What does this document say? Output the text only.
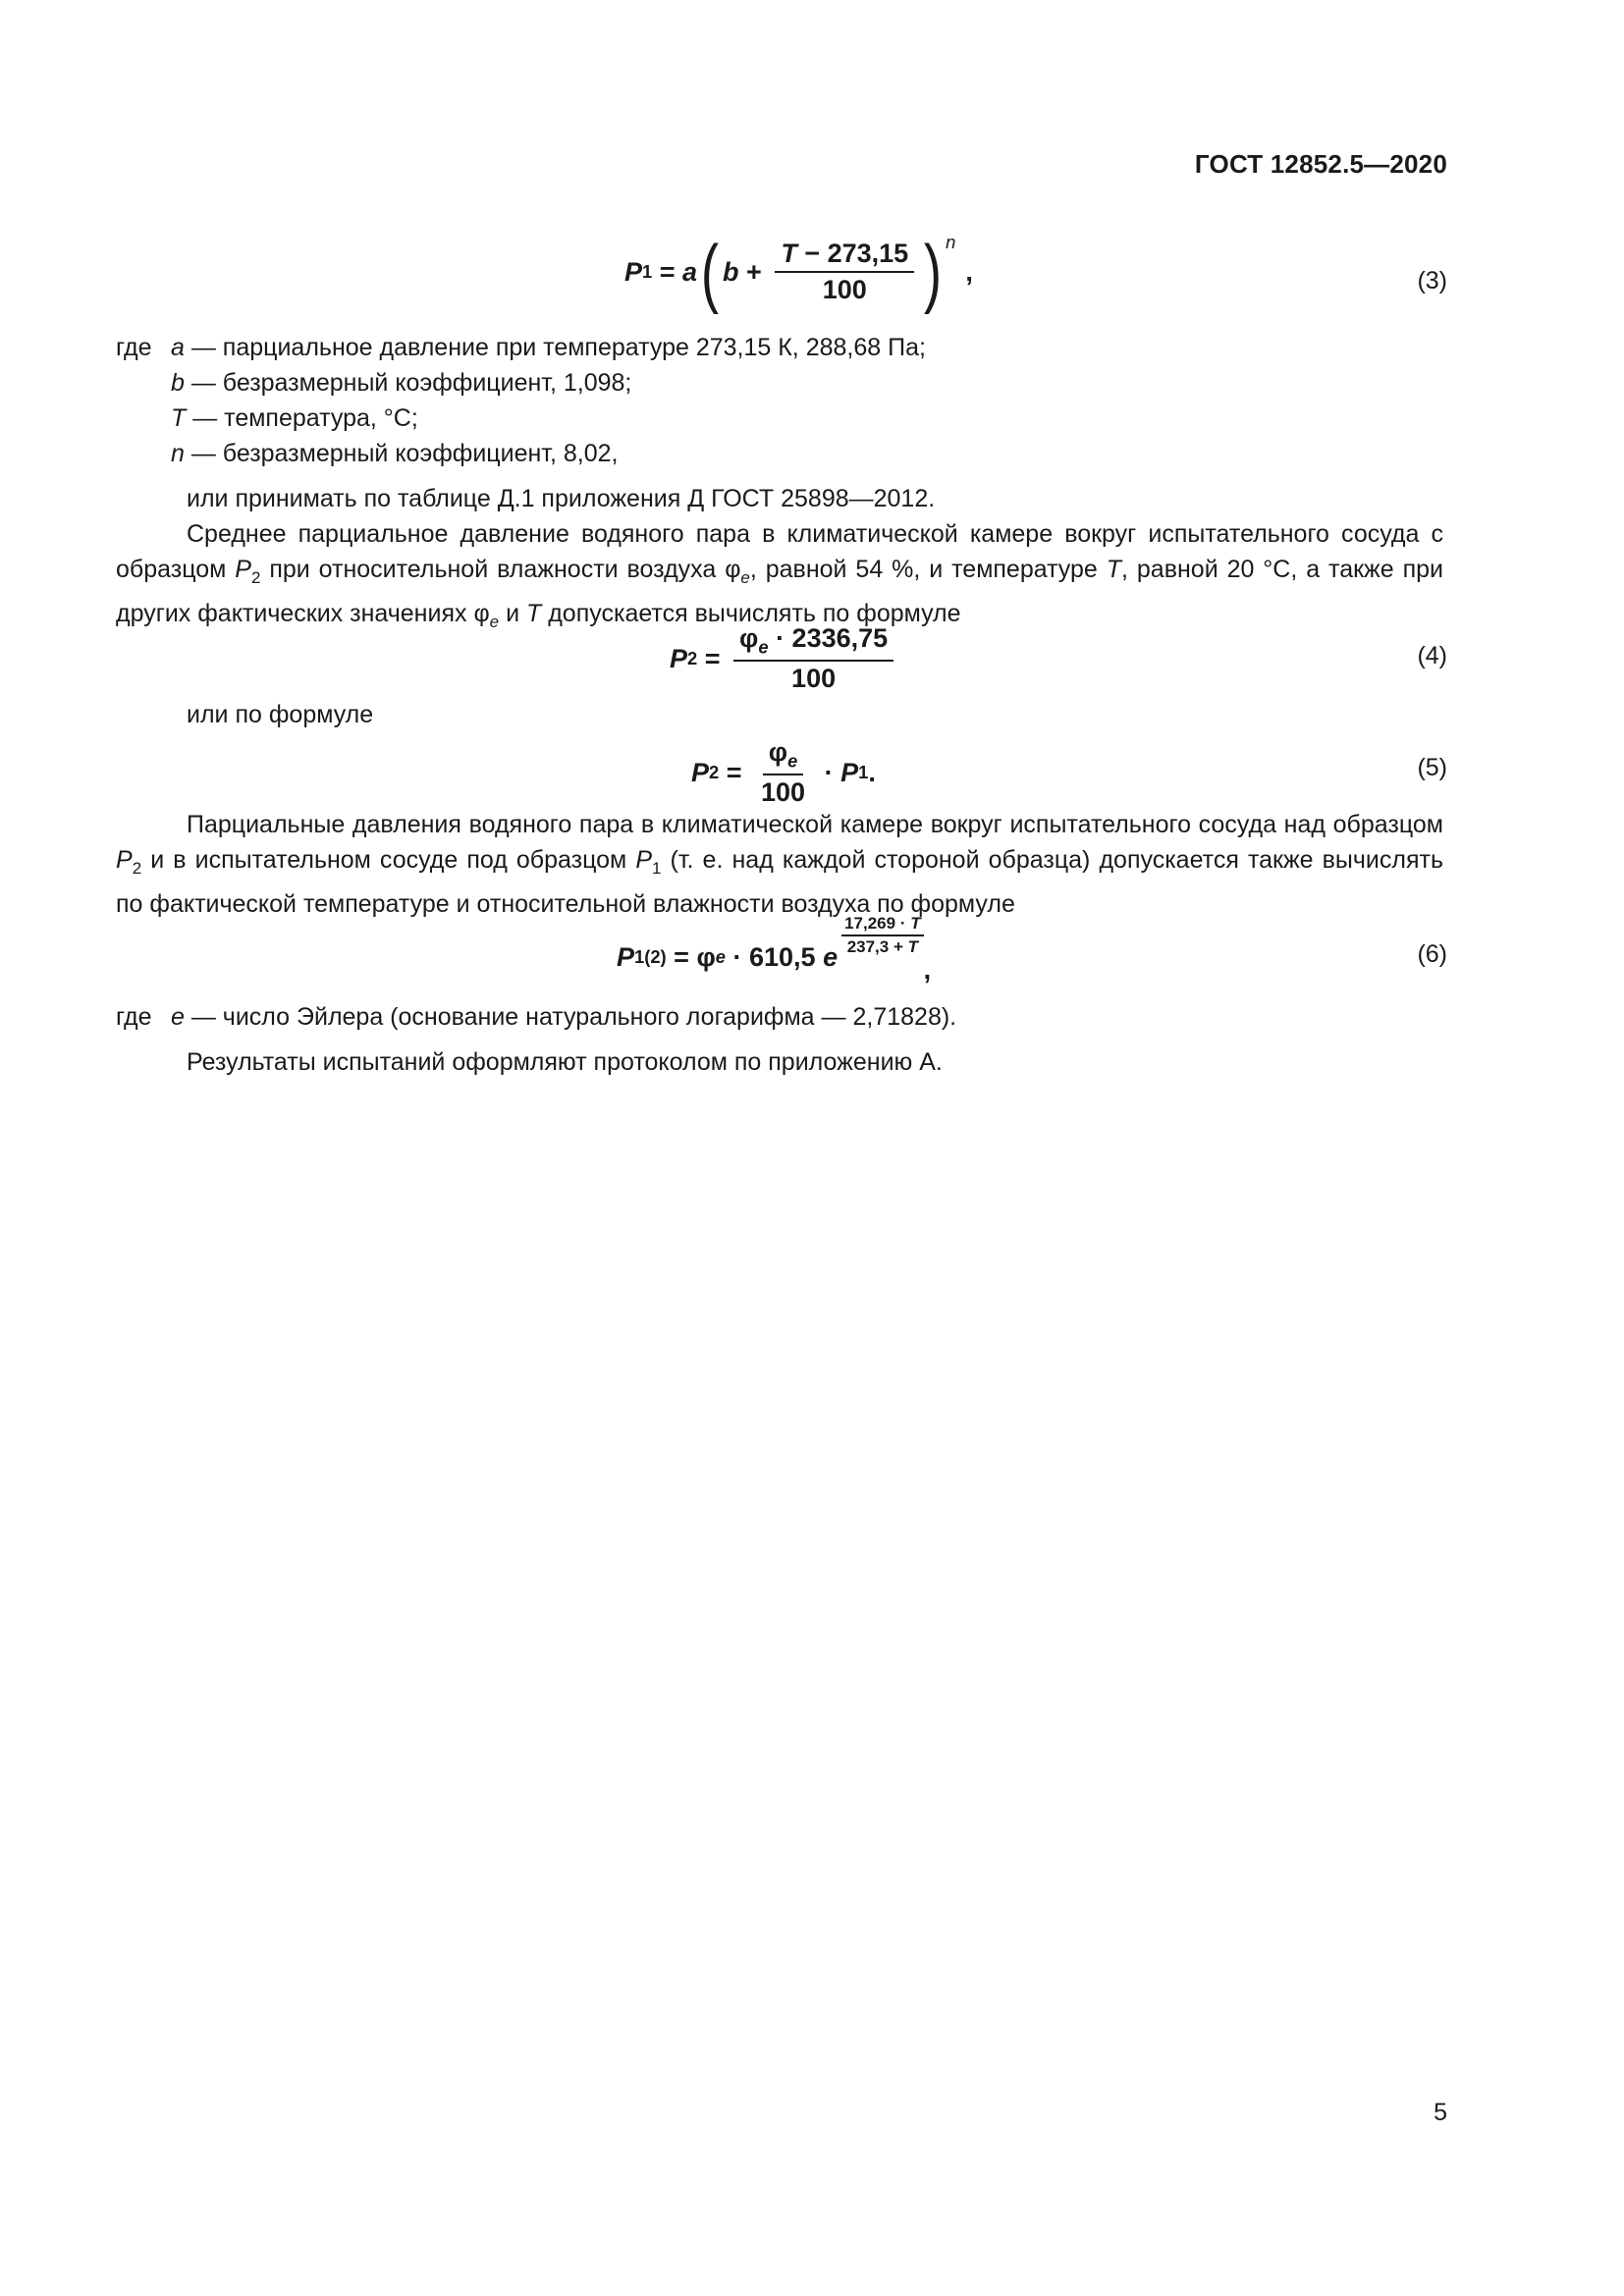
ГОСТ 12852.5—2020
P 1 = a ( $b + \frac{T - 273,15}{100} )^n$
,	(3)
где a — парциальное давление при температуре 273,15 К, 288,68 Па;
b — безразмерный коэффициент, 1,098;
T — температура, °С;
n — безразмерный коэффициент, 8,02,

или принимать по таблице Д.1 приложения Д ГОСТ 25898—2012.

Среднее парциальное давление водяного пара в климатической камере вокруг испытательного сосуда с образцом $P_2$ при относительной влажности воздуха $\varphi_e$, равной 54 %, и температуре T, равной 20 °С, а также при других фактических значениях $\varphi_e$ и T допускается вычислять по формуле

P $2 = \frac{\varphi_e \cdot 2336,75}{100}$	(4)

или по формуле

P $2 = \frac{\varphi_e}{100} \cdot P$ 1 .	(5)

Парциальные давления водяного пара в климатической камере вокруг испытательного сосуда над образцом $P_2$ и в испытательном сосуде под образцом $P_1$ (т. е. над каждой стороной образца) допускается также вычислять по фактической температуре и относительной влажности воздуха по формуле

P 1(2) = φ e · 610,5 e $\frac{17,269 \cdot T}{237,3 + T}$
,
(6)
где e — число Эйлера (основание натурального логарифма — 2,71828).

Результаты испытаний оформляют протоколом по приложению А.

5
